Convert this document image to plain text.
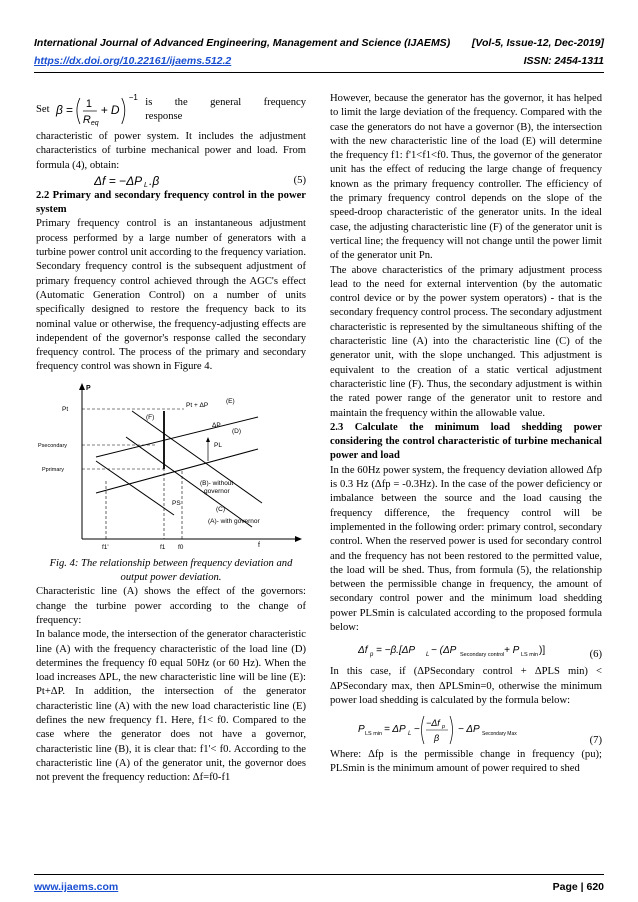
International Journal of Advanced Engineering, Management and Science (IJAEMS) [Vol-5, Issue-12, Dec-2019]
https://dx.doi.org/10.22161/ijaems.512.2	ISSN: 2454-1311
Set β = 1
R eq
+ D
−1 is the general frequency response

characteristic of power system. It includes the adjustment characteristics of turbine mechanical power and load. From formula (4), obtain:

Δf = −ΔP L .β	(5)

2.2 Primary and secondary frequency control in the power system

Primary frequency control is an instantaneous adjustment process performed by a large number of generators with a turbine power control unit according to the frequency variation. Secondary frequency control is the subsequent adjustment of primary frequency control achieved through the AGC's effect (Automatic Generation Control) on a number of units specifically designed to restore the frequency back to its nominal value or otherwise, the frequency-adjusting effects are independent of the governor's response called the secondary frequency control. The process of the primary and secondary frequency control was shown in Figure 4.

P
f
Pt
Psecondary
Pprimary
Pt + ΔP
(E)
(F)
ΔP
(D)
PL
(B)- without
governor
PS
(C)
(A)- with governor
f1'	f1 f0

Fig. 4: The relationship between frequency deviation and output power deviation.

Characteristic line (A) shows the effect of the governors: change the turbine power according to the change of frequency:

In balance mode, the intersection of the generator characteristic line (A) with the frequency characteristic of the load line (D) determines the frequency f0 equal 50Hz (or 60 Hz). When the load increases ΔPL, the new characteristic line will be line (E): Pt+ΔP. In addition, the intersection of the generator characteristic line (A) with the new load characteristic line (E) defines the new frequency f1. Here, f1< f0. Compared to the case where the generator does not have a governor, characteristic line (B), it is clear that: f1'< f0. According to the characteristic line (A) of the generator unit, the governor does not prevent the frequency reduction: Δf=f0-f1

However, because the generator has the governor, it has helped to limit the large deviation of the frequency. Compared with the case the generators do not have a governor (B), the intersection with the new characteristic line of the load (E) will determine the frequency f1: f'1<f1<f0. Thus, the governor of the generator unit has the effect of reducing the large change of frequency known as the primary frequency controller. The efficiency of the primary frequency control depends on the slope of the speed-droop characteristic of the generator units. In the ideal case, the adjusting characteristic line (F) of the generator unit is vertical line; the frequency will not change until the power limit of the generator unit Pn.

The above characteristics of the primary adjustment process lead to the need for external intervention (by the automatic control device or by the power system operators) - that is the secondary frequency control process. The secondary adjustment characteristic is represented by the simultaneous shifting of the characteristic line (A) into the characteristic line (C) of the generator unit, with the slope unchanged. This adjustment is equivalent to the creation of a static vertical adjustment characteristic line (F). Thus, the secondary adjustment is within the rated power range of the generator unit to restore and maintain the frequency within the allowable value.

2.3 Calculate the minimum load shedding power considering the control characteristic of turbine mechanical power and load

In the 60Hz power system, the frequency deviation allowed Δfp is 0.3 Hz (Δfp = -0.3Hz). In the case of the power deficiency or imbalance between the source and the load causing the frequency difference, the frequency control will be implemented in the following order: primary control, secondary control. When the reserved power is used for secondary control and the frequency has not been restored to the permitted value, the load will be shed. Thus, from formula (5), the relationship between the permissible change in frequency, the amount of secondary control power and the minimum load shedding power PLSmin is calculated according to the proposed formula below:

Δf p = −β.[ΔP L − (ΔP Secondary control + P LS min )]	(6)

In this case, if (ΔPSecondary control + ΔPLS min) < ΔPSecondary max, then ΔPLSmin=0, otherwise the minimum power load shedding is calculated by the formula below:

P LS min = ΔP L −
−Δf p
β
− ΔP Secondary Max
(7)

Where: Δfp is the permissible change in frequency (pu); PLSmin is the minimum amount of power required to shed

www.ijaems.com	Page | 620
